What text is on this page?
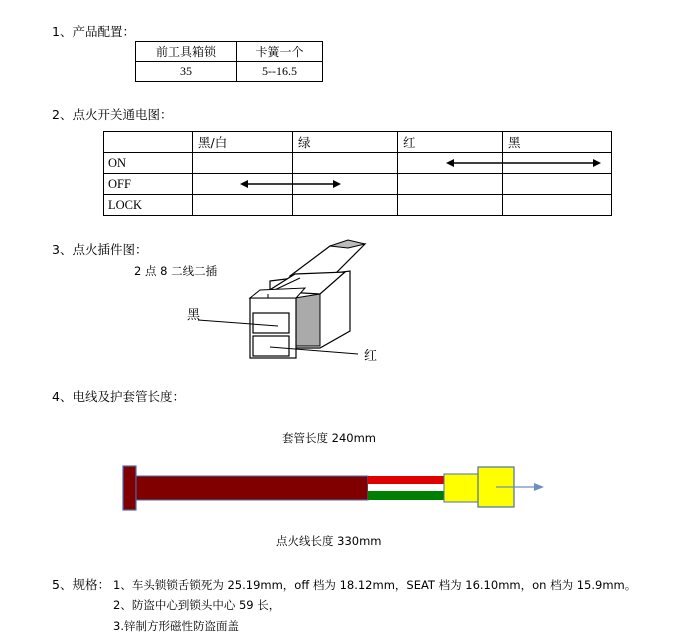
1、产品配置：
前工具箱锁	卡簧一个
35	5--16.5
2、点火开关通电图：
	黑/白	绿	红	黑
ON			

OFF	

LOCK				
3、点火插件图：
2 点 8 二线二插
黑
红
4、电线及护套管长度：
套管长度 240mm
点火线长度 330mm
5、规格： 1、车头锁锁舌锁死为 25.19mm，off 档为 18.12mm，SEAT 档为 16.10mm，on 档为 15.9mm。
2、防盗中心到锁头中心 59 长，
3.锌制方形磁性防盗面盖
